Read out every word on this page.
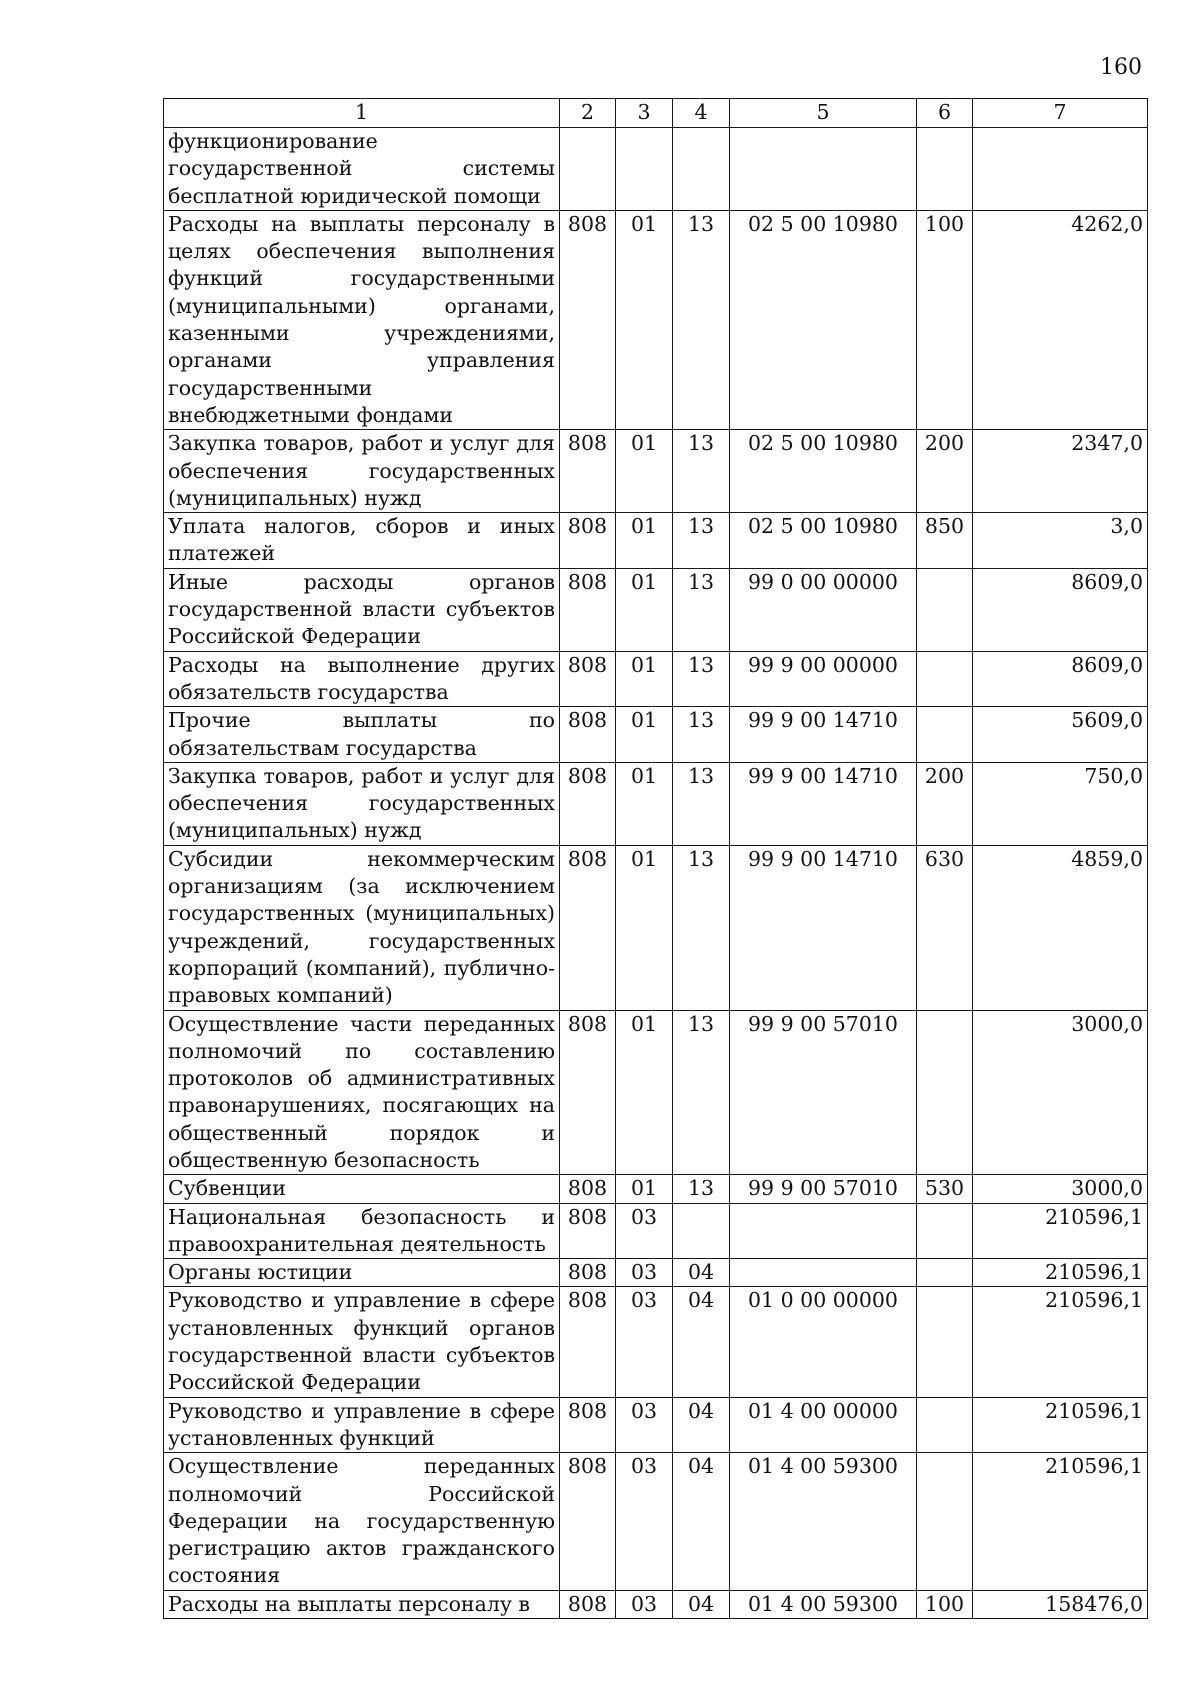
160
1	2	3	4	5	6	7
функционирование государственной системы бесплатной юридической помощи						
Расходы на выплаты персоналу в целях обеспечения выполнения функций государственными (муниципальными) органами, казенными учреждениями, органами управления государственными внебюджетными фондами	808	01	13	02 5 00 10980	100	4262,0
Закупка товаров, работ и услуг для обеспечения государственных (муниципальных) нужд	808	01	13	02 5 00 10980	200	2347,0
Уплата налогов, сборов и иных платежей	808	01	13	02 5 00 10980	850	3,0
Иные расходы органов государственной власти субъектов Российской Федерации	808	01	13	99 0 00 00000		8609,0
Расходы на выполнение других обязательств государства	808	01	13	99 9 00 00000		8609,0
Прочие выплаты по обязательствам государства	808	01	13	99 9 00 14710		5609,0
Закупка товаров, работ и услуг для обеспечения государственных (муниципальных) нужд	808	01	13	99 9 00 14710	200	750,0
Субсидии некоммерческим организациям (за исключением государственных (муниципальных) учреждений, государственных корпораций (компаний), публично-правовых компаний)	808	01	13	99 9 00 14710	630	4859,0
Осуществление части переданных полномочий по составлению протоколов об административных правонарушениях, посягающих на общественный порядок и общественную безопасность	808	01	13	99 9 00 57010		3000,0
Субвенции	808	01	13	99 9 00 57010	530	3000,0
Национальная безопасность и правоохранительная деятельность	808	03				210596,1
Органы юстиции	808	03	04			210596,1
Руководство и управление в сфере установленных функций органов государственной власти субъектов Российской Федерации	808	03	04	01 0 00 00000		210596,1
Руководство и управление в сфере установленных функций	808	03	04	01 4 00 00000		210596,1
Осуществление переданных полномочий Российской Федерации на государственную регистрацию актов гражданского состояния	808	03	04	01 4 00 59300		210596,1
Расходы на выплаты персоналу в	808	03	04	01 4 00 59300	100	158476,0
